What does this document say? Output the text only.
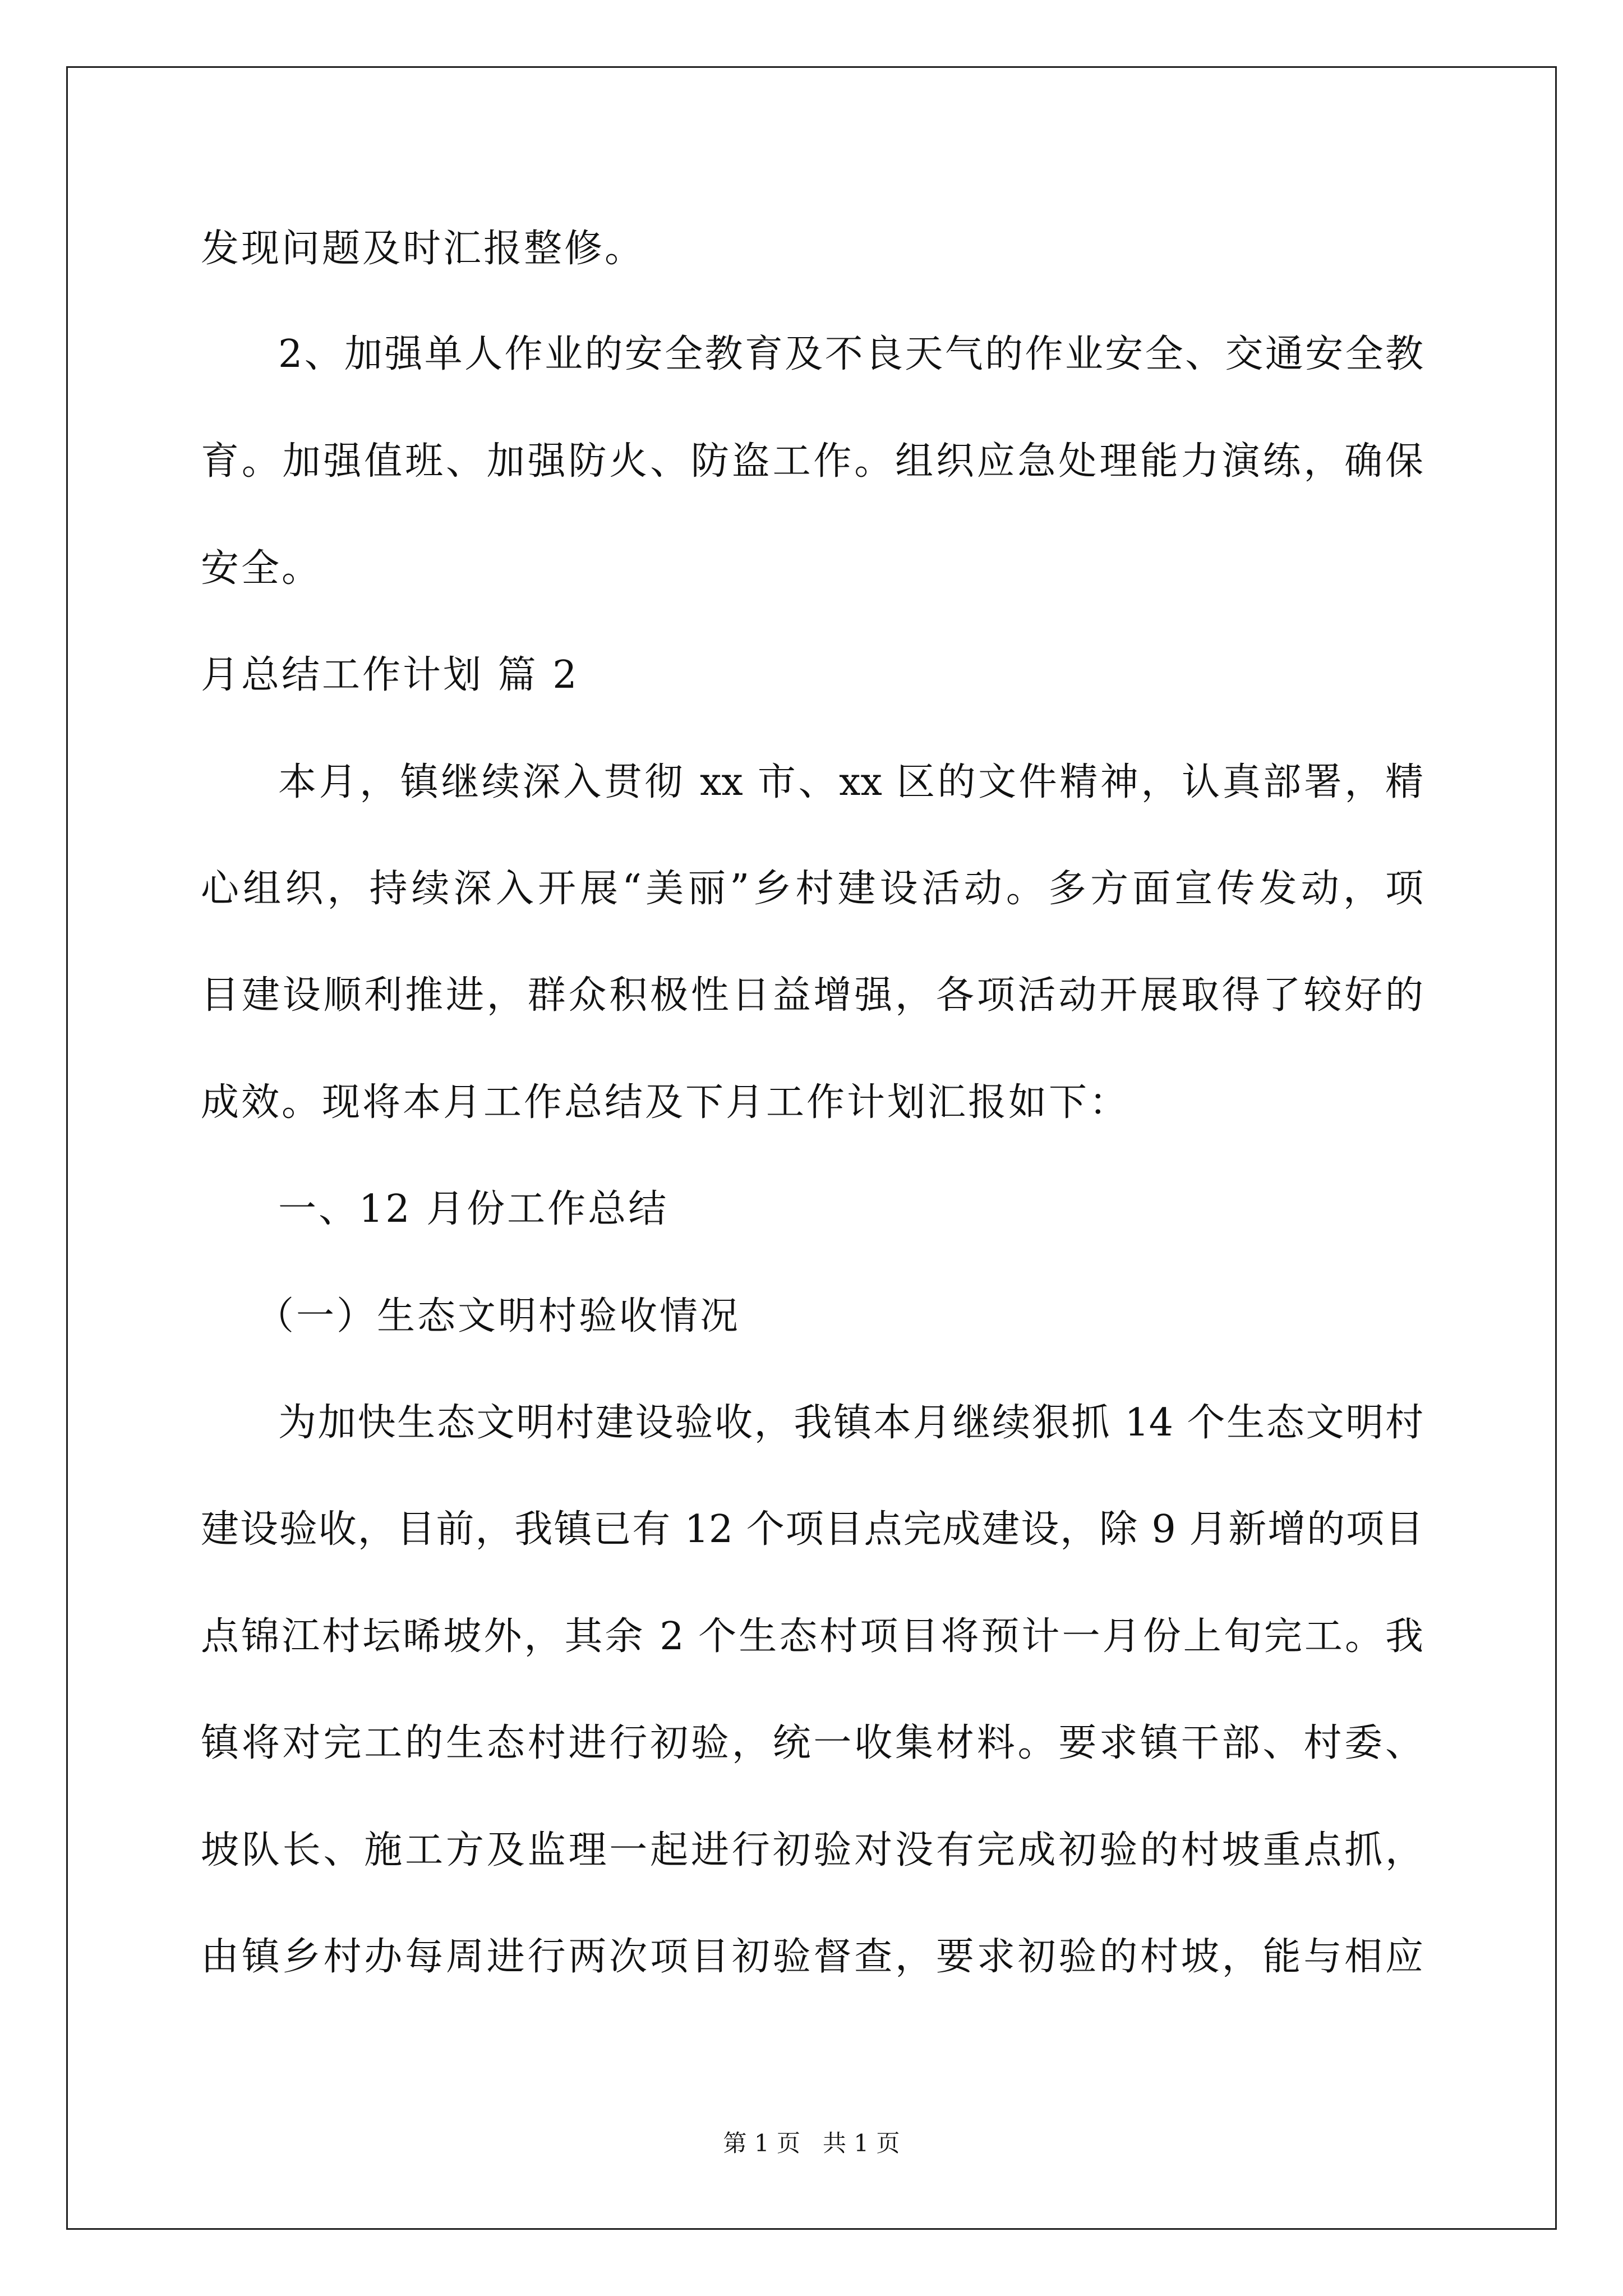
发现问题及时汇报整修。
2、加强单人作业的安全教育及不良天气的作业安全、交通安全教
育。加强值班、加强防火、防盗工作。组织应急处理能力演练，确保
安全。
月总结工作计划 篇 2
本月，镇继续深入贯彻 xx 市、xx 区的文件精神，认真部署，精
心组织，持续深入开展“美丽”乡村建设活动。多方面宣传发动，项
目建设顺利推进，群众积极性日益增强，各项活动开展取得了较好的
成效。现将本月工作总结及下月工作计划汇报如下：
一、12 月份工作总结
（一）生态文明村验收情况
为加快生态文明村建设验收，我镇本月继续狠抓 14 个生态文明村
建设验收，目前，我镇已有 12 个项目点完成建设，除 9 月新增的项目
点锦江村坛晞坡外，其余 2 个生态村项目将预计一月份上旬完工。我
镇将对完工的生态村进行初验，统一收集材料。要求镇干部、村委、
坡队长、施工方及监理一起进行初验对没有完成初验的村坡重点抓，
由镇乡村办每周进行两次项目初验督查，要求初验的村坡，能与相应
第 1 页   共 1 页
